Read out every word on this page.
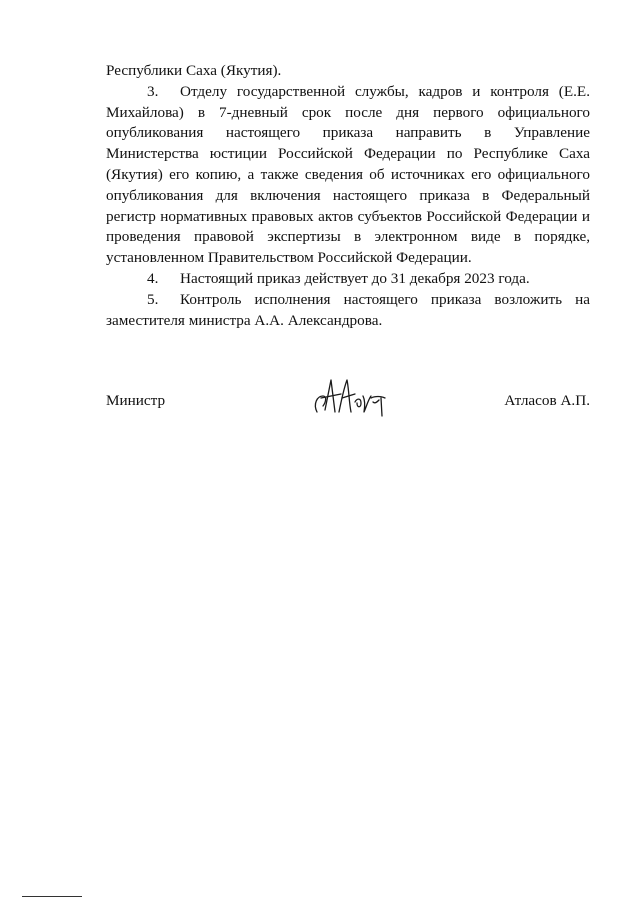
Республики Саха (Якутия).

3. Отделу государственной службы, кадров и контроля (Е.Е. Михайлова) в 7-дневный срок после дня первого официального опубликования настоящего приказа направить в Управление Министерства юстиции Российской Федерации по Республике Саха (Якутия) его копию, а также сведения об источниках его официального опубликования для включения настоящего приказа в Федеральный регистр нормативных правовых актов субъектов Российской Федерации и проведения правовой экспертизы в электронном виде в порядке, установленном Правительством Российской Федерации.

4. Настоящий приказ действует до 31 декабря 2023 года.

5. Контроль исполнения настоящего приказа возложить на заместителя министра А.А. Александрова.

Министр	Атласов А.П.
